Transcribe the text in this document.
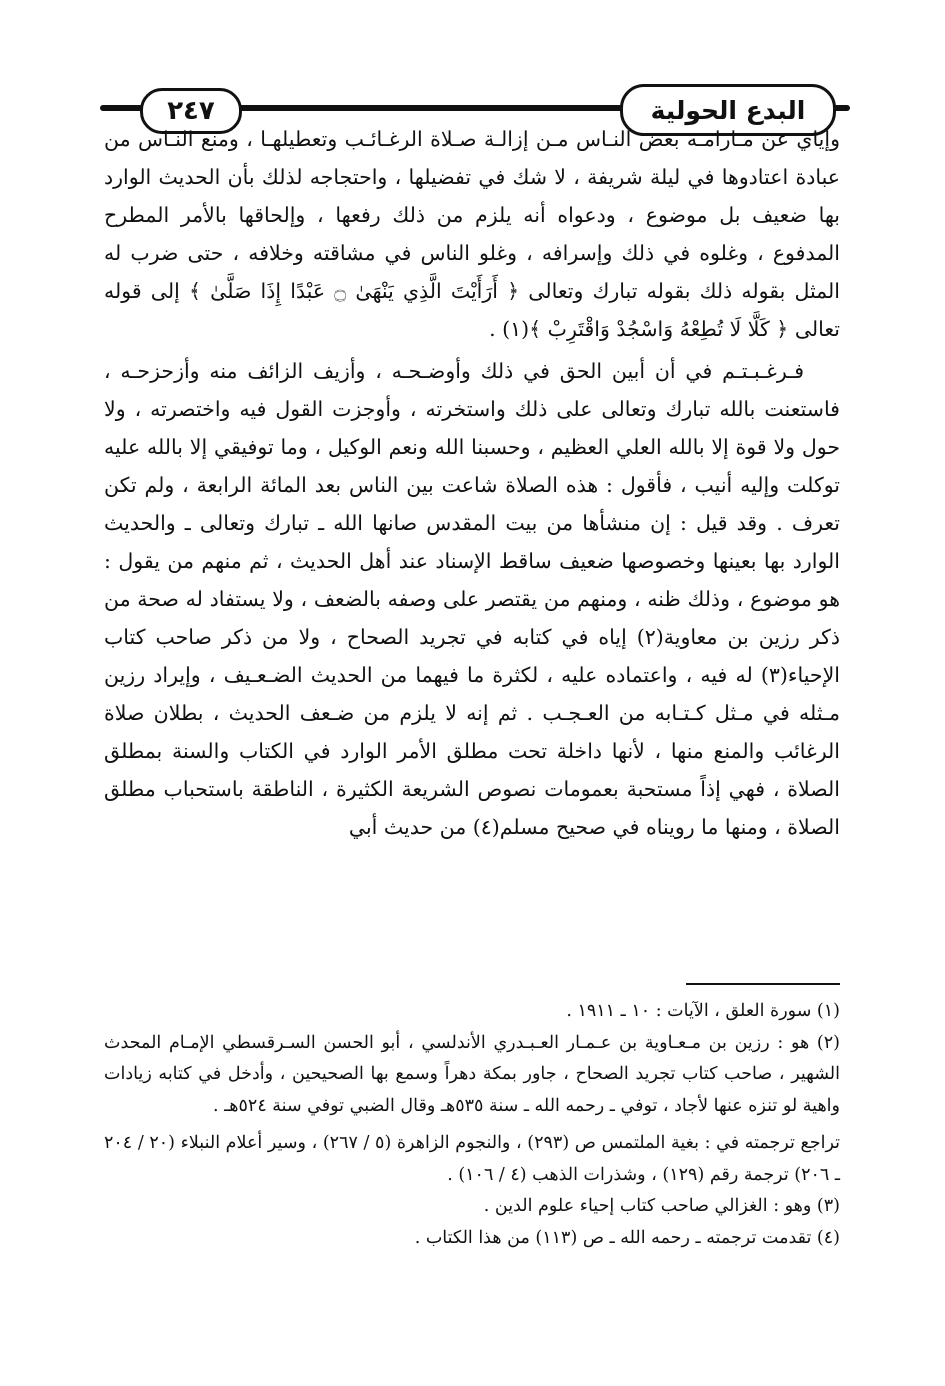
٢٤٧	البدع الحولية

وإياي عن مـارامـه بعض النـاس مـن إزالـة صـلاة الرغـائـب وتعطيلهـا ، ومنع النـاس من عبادة اعتادوها في ليلة شريفة ، لا شك في تفضيلها ، واحتجاجه لذلك بأن الحديث الوارد بها ضعيف بل موضوع ، ودعواه أنه يلزم من ذلك رفعها ، وإلحاقها بالأمر المطرح المدفوع ، وغلوه في ذلك وإسرافه ، وغلو الناس في مشاقته وخلافه ، حتى ضرب له المثل بقوله ذلك بقوله تبارك وتعالى ﴿ أَرَأَيْتَ الَّذِي يَنْهَىٰ ۝ عَبْدًا إِذَا صَلَّىٰ ﴾ إلى قوله تعالى ﴿ كَلَّا لَا تُطِعْهُ وَاسْجُدْ وَاقْتَرِبْ ﴾(١) .

فـرغـبـتـم في أن أبين الحق في ذلك وأوضـحـه ، وأزيف الزائف منه وأزحزحـه ، فاستعنت بالله تبارك وتعالى على ذلك واستخرته ، وأوجزت القول فيه واختصرته ، ولا حول ولا قوة إلا بالله العلي العظيم ، وحسبنا الله ونعم الوكيل ، وما توفيقي إلا بالله عليه توكلت وإليه أنيب ، فأقول : هذه الصلاة شاعت بين الناس بعد المائة الرابعة ، ولم تكن تعرف . وقد قيل : إن منشأها من بيت المقدس صانها الله ـ تبارك وتعالى ـ والحديث الوارد بها بعينها وخصوصها ضعيف ساقط الإسناد عند أهل الحديث ، ثم منهم من يقول : هو موضوع ، وذلك ظنه ، ومنهم من يقتصر على وصفه بالضعف ، ولا يستفاد له صحة من ذكر رزين بن معاوية(٢) إياه في كتابه في تجريد الصحاح ، ولا من ذكر صاحب كتاب الإحياء(٣) له فيه ، واعتماده عليه ، لكثرة ما فيهما من الحديث الضـعـيف ، وإيراد رزين مـثله في مـثل كـتـابه من العـجـب . ثم إنه لا يلزم من ضـعف الحديث ، بطلان صلاة الرغائب والمنع منها ، لأنها داخلة تحت مطلق الأمر الوارد في الكتاب والسنة بمطلق الصلاة ، فهي إذاً مستحبة بعمومات نصوص الشريعة الكثيرة ، الناطقة باستحباب مطلق الصلاة ، ومنها ما رويناه في صحيح مسلم(٤) من حديث أبي

(١) سورة العلق ، الآيات : ١٠ ـ ١٩١١ .

(٢) هو : رزين بن مـعـاوية بن عـمـار العـبـدري الأندلسي ، أبو الحسن السـرقسطي الإمـام المحدث الشهير ، صاحب كتاب تجريد الصحاح ، جاور بمكة دهراً وسمع بها الصحيحين ، وأدخل في كتابه زيادات واهية لو تنزه عنها لأجاد ، توفي ـ رحمه الله ـ سنة ٥٣٥هـ وقال الضبي توفي سنة ٥٢٤هـ .

تراجع ترجمته في : بغية الملتمس ص (٢٩٣) ، والنجوم الزاهرة (٥ / ٢٦٧) ، وسير أعلام النبلاء (٢٠ / ٢٠٤ ـ ٢٠٦) ترجمة رقم (١٢٩) ، وشذرات الذهب (٤ / ١٠٦) .

(٣) وهو : الغزالي صاحب كتاب إحياء علوم الدين .

(٤) تقدمت ترجمته ـ رحمه الله ـ ص (١١٣) من هذا الكتاب .
